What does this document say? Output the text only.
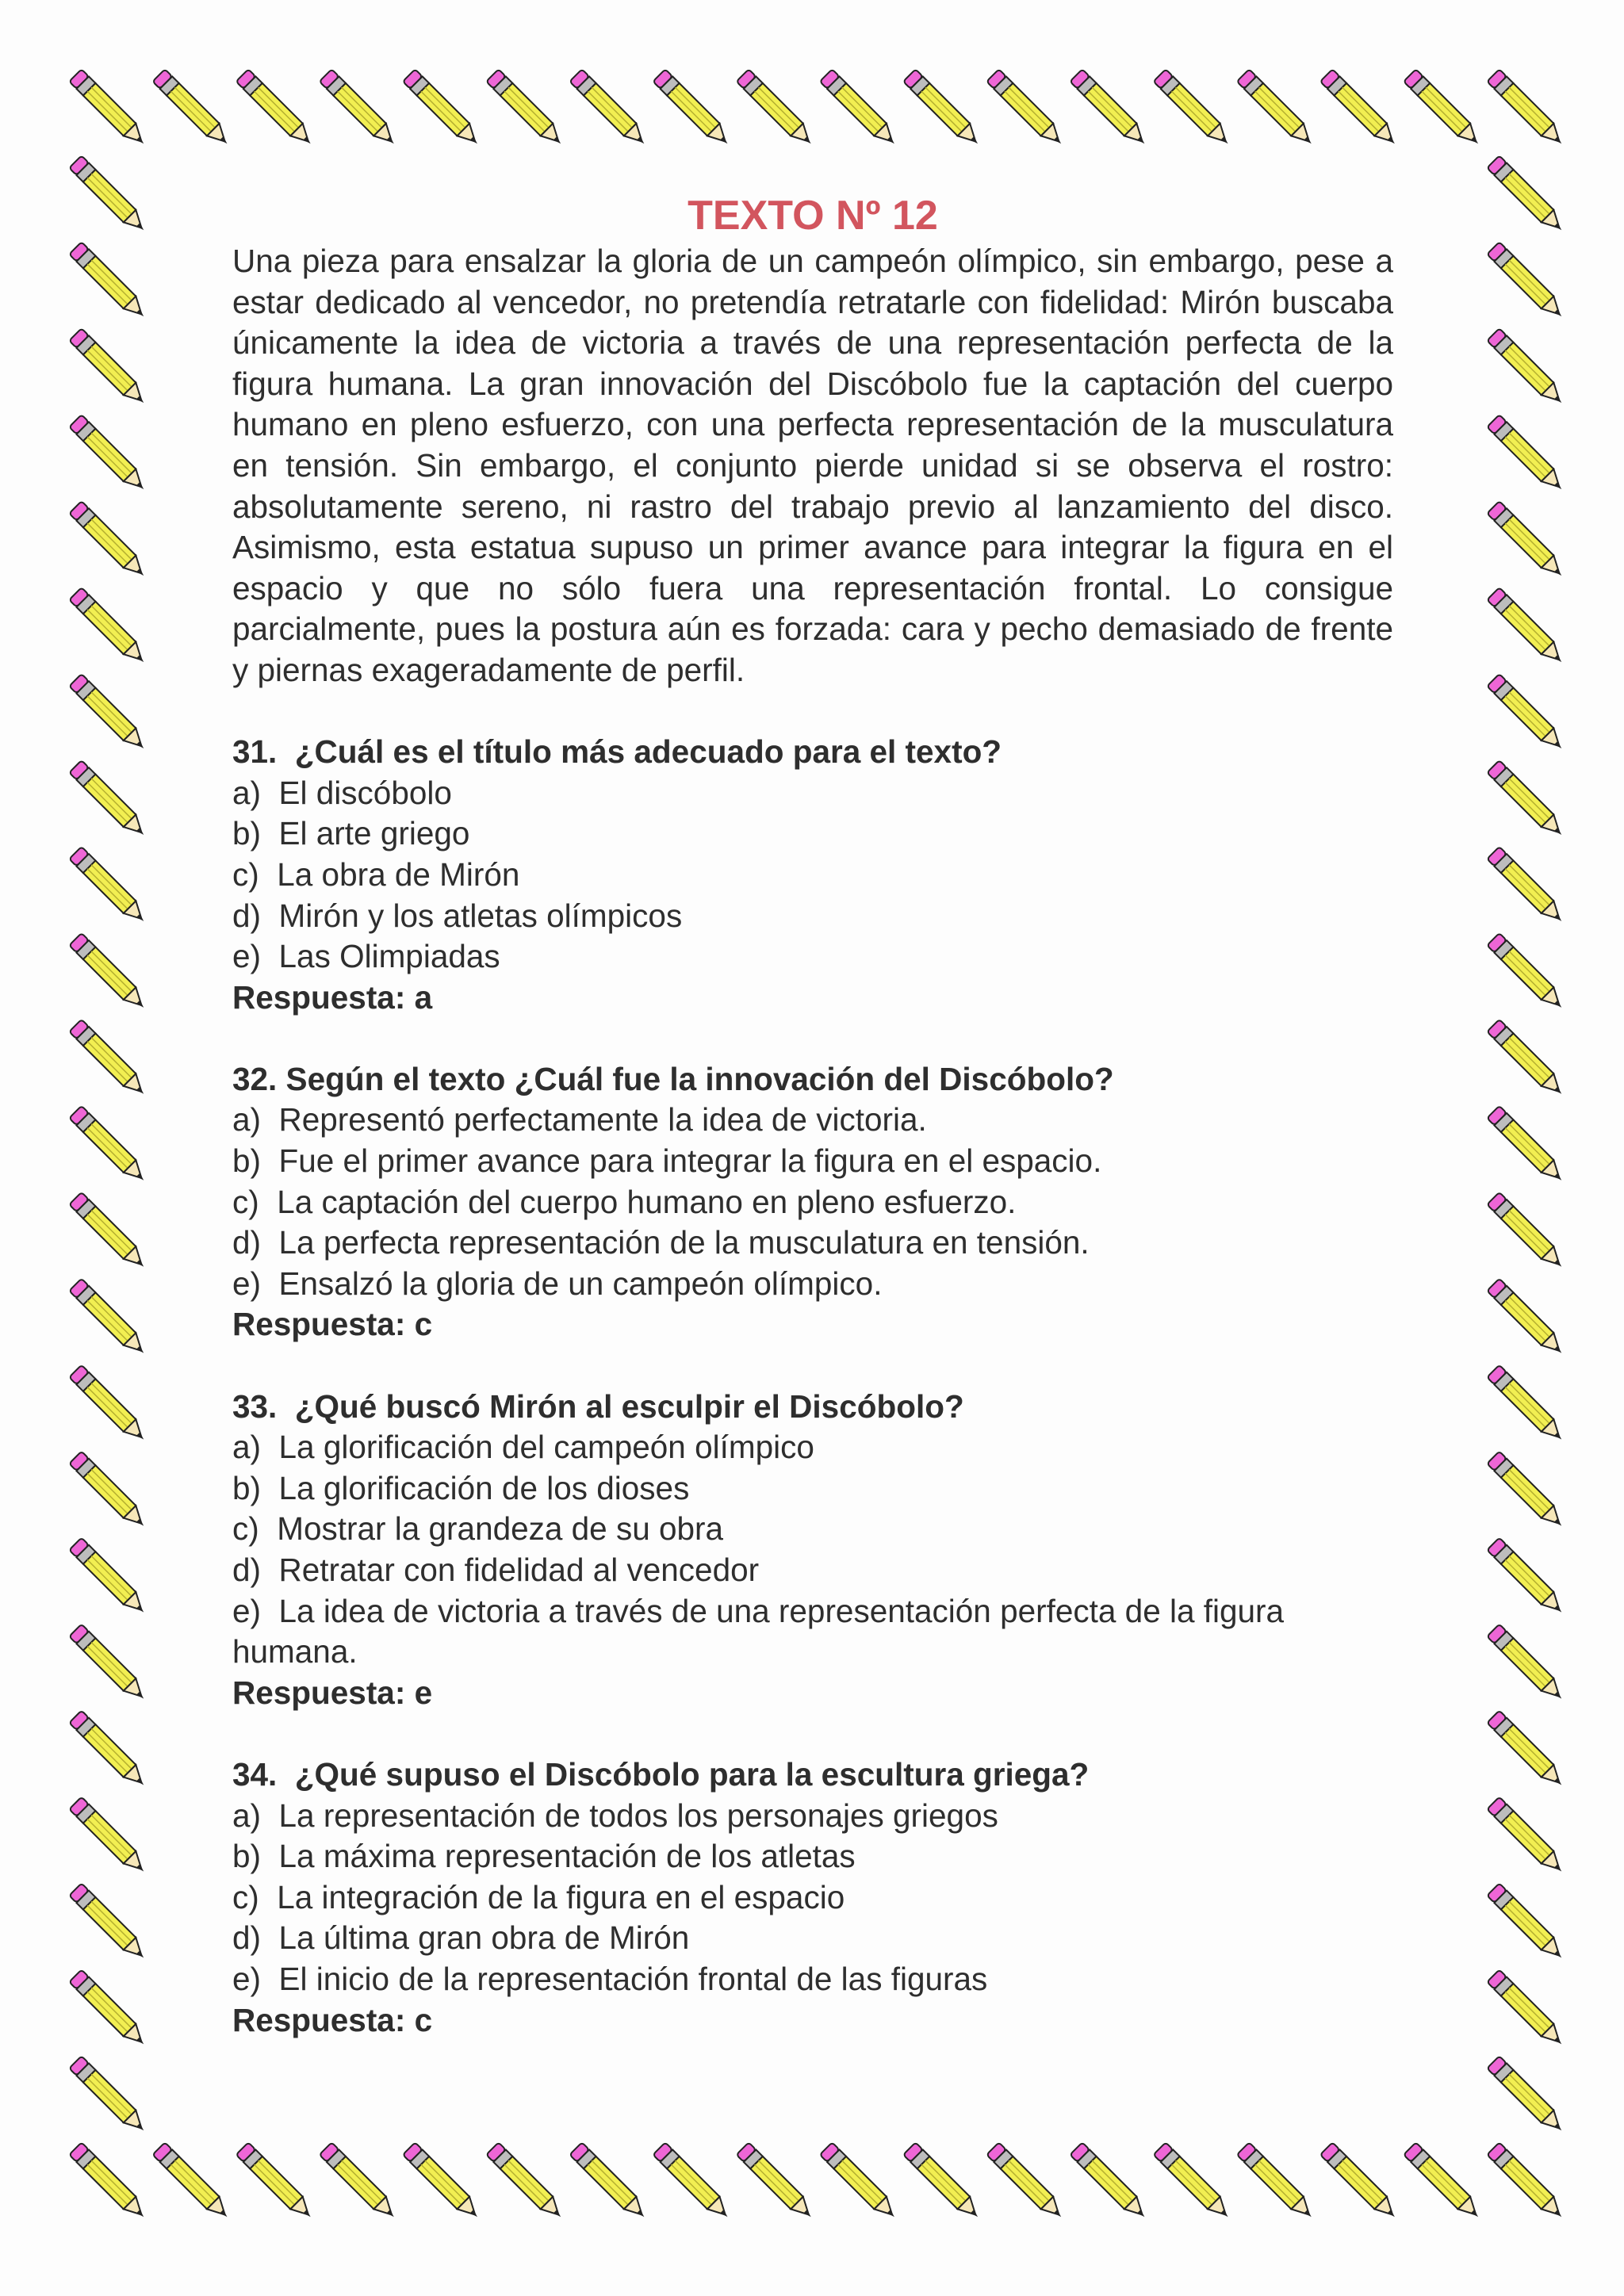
TEXTO Nº 12

Una pieza para ensalzar la gloria de un campeón olímpico, sin embargo, pese a estar dedicado al vencedor, no pretendía retratarle con fidelidad: Mirón buscaba únicamente la idea de victoria a través de una representación perfecta de la figura humana. La gran innovación del Discóbolo fue la captación del cuerpo humano en pleno esfuerzo, con una perfecta representación de la musculatura en tensión. Sin embargo, el conjunto pierde unidad si se observa el rostro: absolutamente sereno, ni rastro del trabajo previo al lanzamiento del disco. Asimismo, esta estatua supuso un primer avance para integrar la figura en el espacio y que no sólo fuera una representación frontal. Lo consigue parcialmente, pues la postura aún es forzada: cara y pecho demasiado de frente y piernas exageradamente de perfil.

31.  ¿Cuál es el título más adecuado para el texto?
a)  El discóbolo
b)  El arte griego
c)  La obra de Mirón
d)  Mirón y los atletas olímpicos
e)  Las Olimpiadas
Respuesta: a
32. Según el texto ¿Cuál fue la innovación del Discóbolo?
a)  Representó perfectamente la idea de victoria.
b)  Fue el primer avance para integrar la figura en el espacio.
c)  La captación del cuerpo humano en pleno esfuerzo.
d)  La perfecta representación de la musculatura en tensión.
e)  Ensalzó la gloria de un campeón olímpico.
Respuesta: c
33.  ¿Qué buscó Mirón al esculpir el Discóbolo?
a)  La glorificación del campeón olímpico
b)  La glorificación de los dioses
c)  Mostrar la grandeza de su obra
d)  Retratar con fidelidad al vencedor
e)  La idea de victoria a través de una representación perfecta de la figura humana.
Respuesta: e
34.  ¿Qué supuso el Discóbolo para la escultura griega?
a)  La representación de todos los personajes griegos
b)  La máxima representación de los atletas
c)  La integración de la figura en el espacio
d)  La última gran obra de Mirón
e)  El inicio de la representación frontal de las figuras
Respuesta: c
